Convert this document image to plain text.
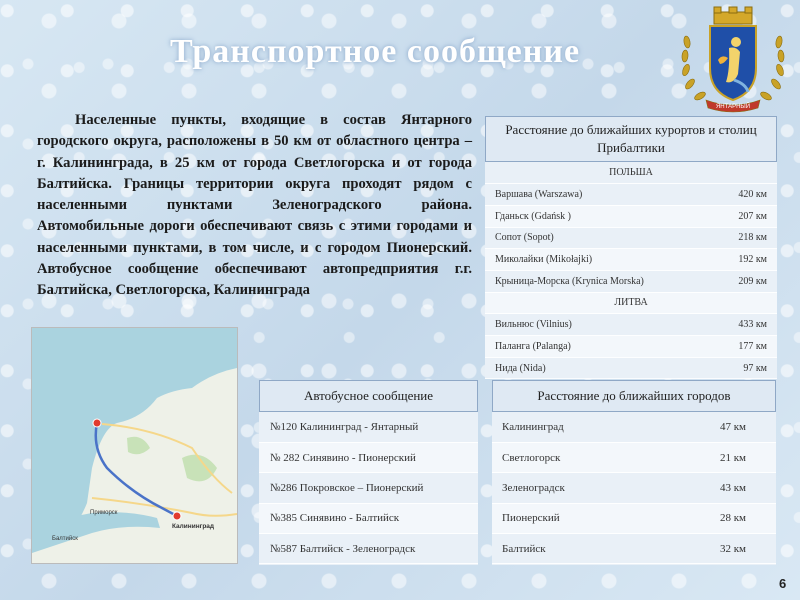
Транспортное сообщение
ЯНТАРНЫЙ

Населенные пункты, входящие в состав Янтарного городского округа, расположены в 50 км от областного центра – г. Калининграда, в 25 км от города Светлогорска и от города Балтийска. Границы территории округа проходят рядом с населенными пунктами Зеленоградского района. Автомобильные дороги обеспечивают связь с этими городами и населенными пунктами, в том числе, и с городом Пионерский. Автобусное сообщение обеспечивают автопредприятия г.г. Балтийска, Светлогорска, Калининграда

Балтийск
Приморск
Калининград
Расстояние до ближайших курортов и столиц Прибалтики
ПОЛЬША	
Варшава (Warszawa)	420 км
Гданьск (Gdańsk )	207 км
Сопот (Sopot)	218 км
Миколайки (Mikołajki)	192 км
Крыница-Морска (Krynica Morska)	209 км
ЛИТВА	
Вильнюс (Vilnius)	433 км
Паланга (Palanga)	177 км
Нида (Nida)	97 км
Автобусное сообщение
№120 Калининград - Янтарный
№ 282 Синявино - Пионерский
№286 Покровское – Пионерский
№385 Синявино - Балтийск
№587 Балтийск - Зеленоградск
Расстояние до ближайших городов
Калининград	47 км
Светлогорск	21 км
Зеленоградск	43 км
Пионерский	28 км
Балтийск	32 км
6
